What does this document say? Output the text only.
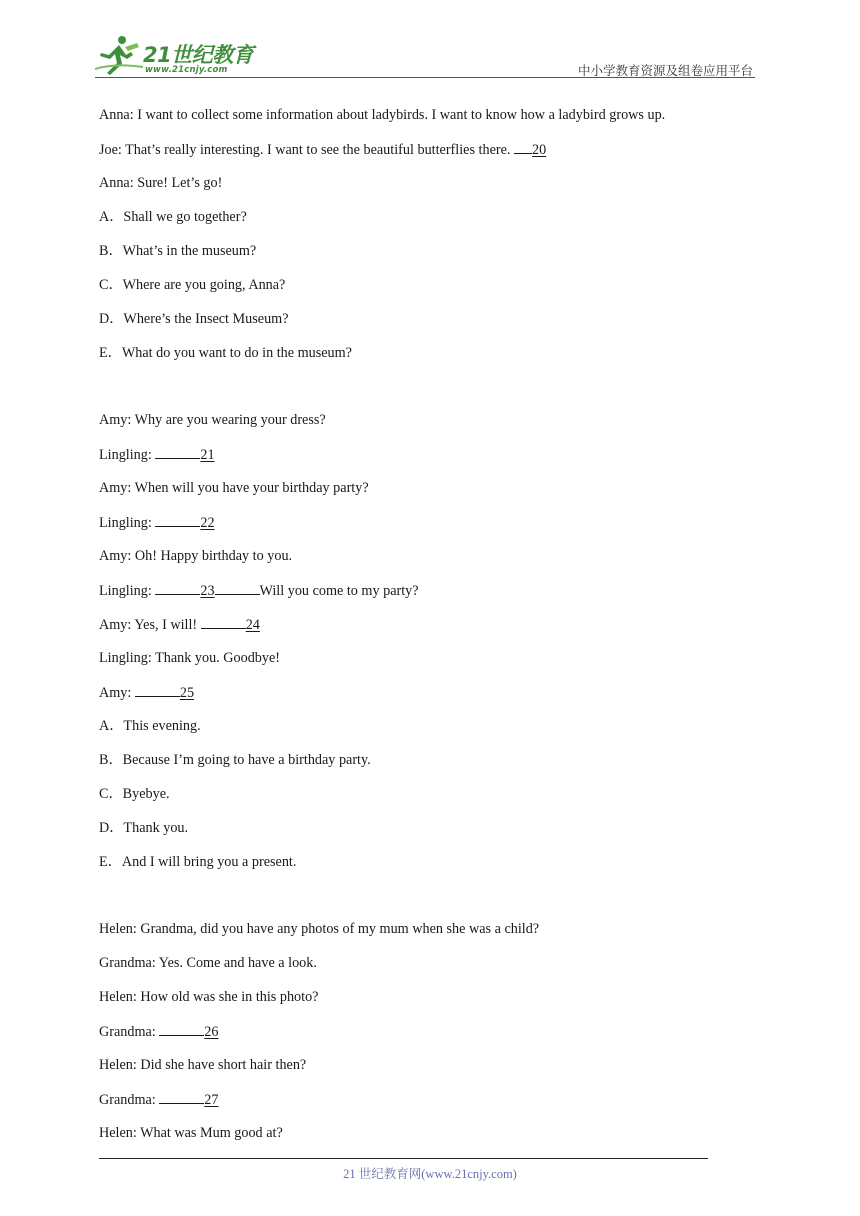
21世纪教育
www.21cnjy.com	中小学教育资源及组卷应用平台
Anna: I want to collect some information about ladybirds. I want to know how a ladybird grows up.
Joe: That’s really interesting. I want to see the beautiful butterflies there. 20
Anna: Sure! Let’s go!
A．Shall we go together?
B．What’s in the museum?
C．Where are you going, Anna?
D．Where’s the Insect Museum?
E．What do you want to do in the museum?
Amy: Why are you wearing your dress?
Lingling:	21
Amy: When will you have your birthday party?
Lingling:	22
Amy: Oh! Happy birthday to you.
Lingling:	23	Will you come to my party?
Amy: Yes, I will!	24
Lingling: Thank you. Goodbye!
Amy:	25
A．This evening.
B．Because I’m going to have a birthday party.
C．Byebye.
D．Thank you.
E．And I will bring you a present.
Helen: Grandma, did you have any photos of my mum when she was a child?
Grandma: Yes. Come and have a look.
Helen: How old was she in this photo?
Grandma:	26
Helen: Did she have short hair then?
Grandma:	27
Helen: What was Mum good at?
21 世纪教育网(www.21cnjy.com)
